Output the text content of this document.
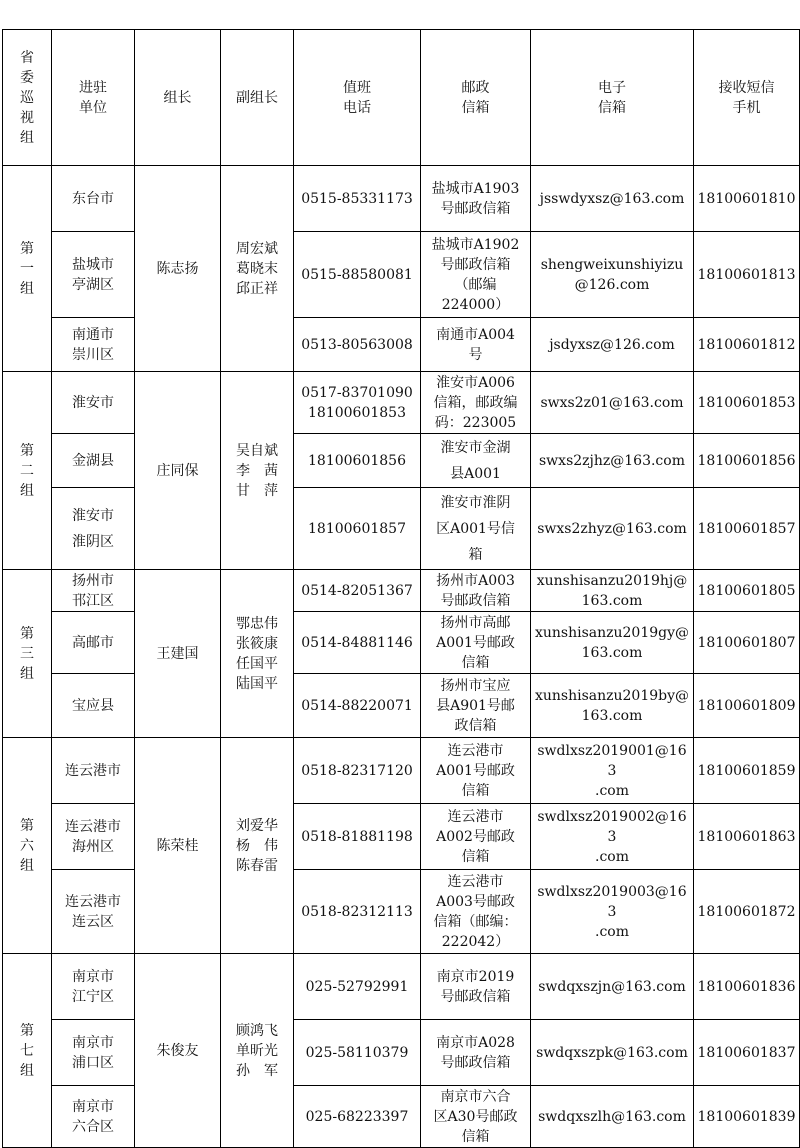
省
委
巡
视
组	进驻
单位	组长	副组长	值班
电话	邮政
信箱	电子
信箱	接收短信
手机
第
一
组	东台市	陈志扬	周宏斌
葛晓末
邱正祥	0515-85331173	盐城市A1903
号邮政信箱	jsswdyxsz@163.com	18100601810
	盐城市
亭湖区			0515-88580081	盐城市A1902
号邮政信箱
（邮编
224000）	shengweixunshiyizu
@126.com	18100601813
	南通市
崇川区			0513-80563008	南通市A004
号	jsdyxsz@126.com	18100601812
第
二
组	淮安市	庄同保	吴自斌
李　茜
甘　萍	0517-83701090
18100601853	淮安市A006
信箱，邮政编
码：223005	swxs2z01@163.com	18100601853
	金湖县			18100601856	淮安市金湖
县A001	swxs2zjhz@163.com	18100601856
	淮安市
淮阴区			18100601857	淮安市淮阴
区A001号信
箱	swxs2zhyz@163.com	18100601857
第
三
组	扬州市
邗江区	王建国	鄂忠伟
张筱康
任国平
陆国平	0514-82051367	扬州市A003
号邮政信箱	xunshisanzu2019hj@
163.com	18100601805
	高邮市			0514-84881146	扬州市高邮
A001号邮政
信箱	xunshisanzu2019gy@
163.com	18100601807
	宝应县			0514-88220071	扬州市宝应
县A901号邮
政信箱	xunshisanzu2019by@
163.com	18100601809
第
六
组	连云港市	陈荣桂	刘爱华
杨　伟
陈春雷	0518-82317120	连云港市
A001号邮政
信箱	swdlxsz2019001@163
.com	18100601859
	连云港市
海州区			0518-81881198	连云港市
A002号邮政
信箱	swdlxsz2019002@163
.com	18100601863
	连云港市
连云区			0518-82312113	连云港市
A003号邮政
信箱（邮编：
222042）	swdlxsz2019003@163
.com	18100601872
第
七
组	南京市
江宁区	朱俊友	顾鸿飞
单昕光
孙　军	025-52792991	南京市2019
号邮政信箱	swdqxszjn@163.com	18100601836
	南京市
浦口区			025-58110379	南京市A028
号邮政信箱	swdqxszpk@163.com	18100601837
	南京市
六合区			025-68223397	南京市六合
区A30号邮政
信箱	swdqxszlh@163.com	18100601839
